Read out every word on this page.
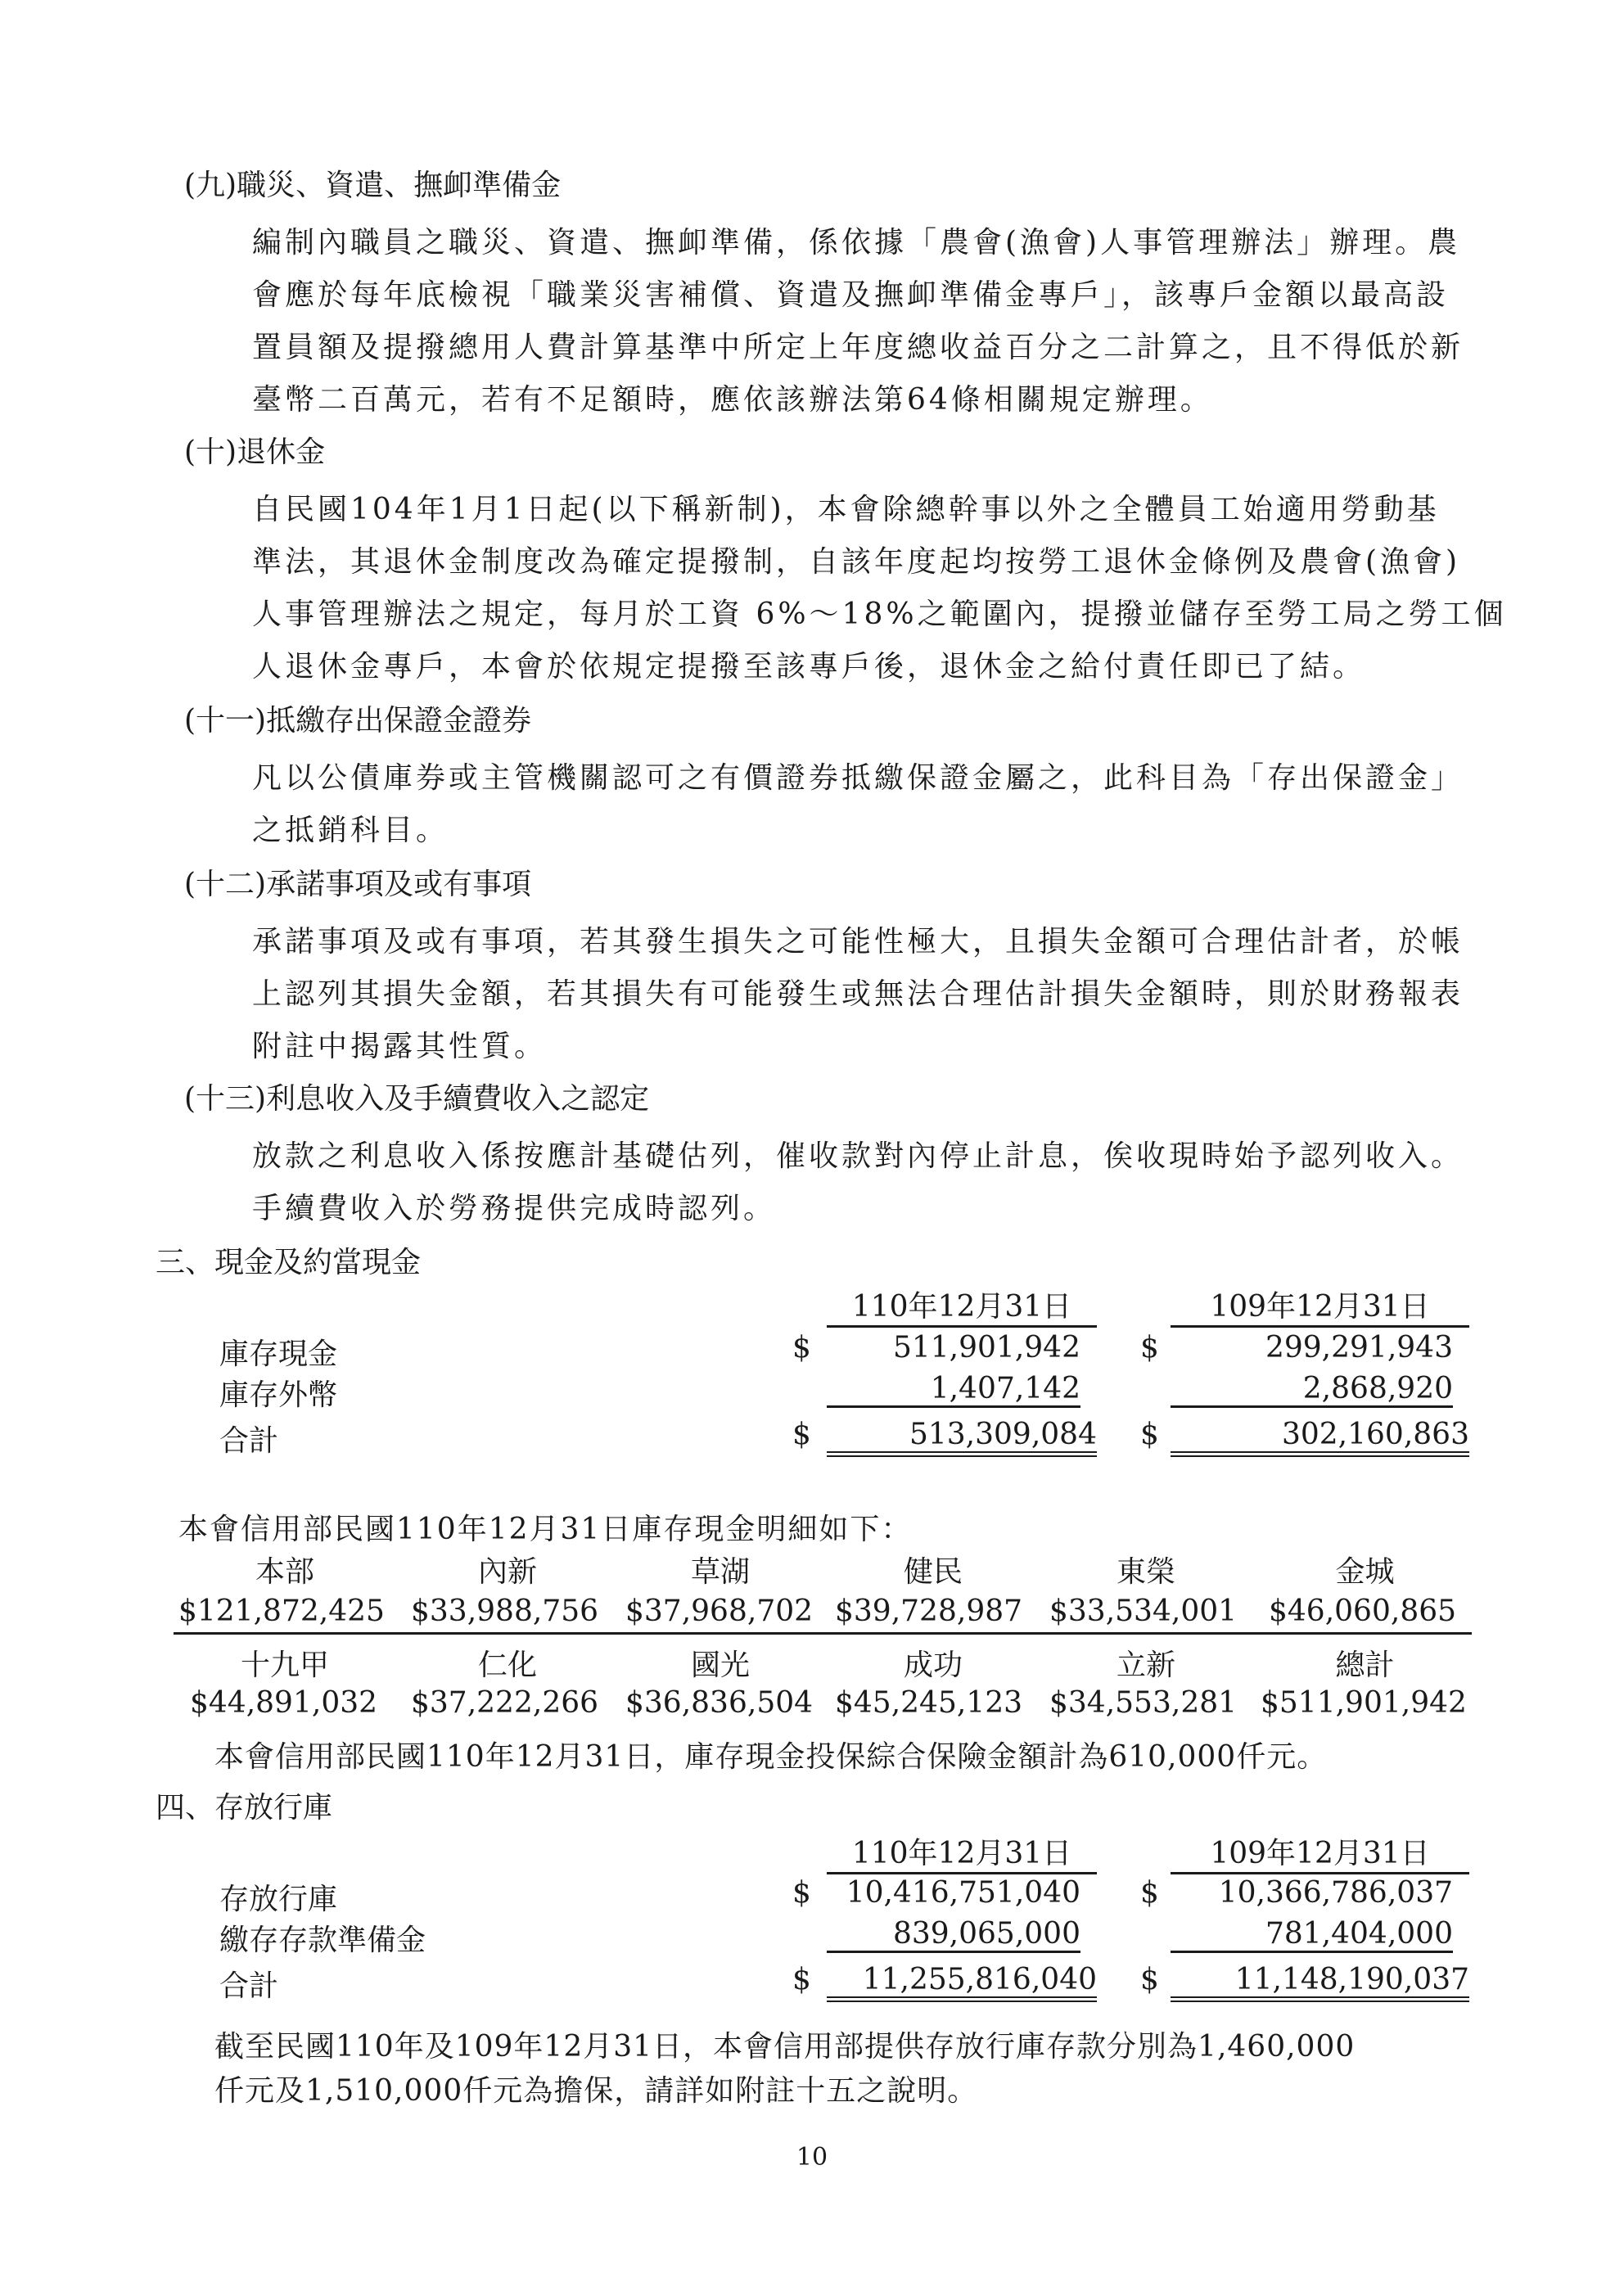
(九)職災、資遣、撫卹準備金
編制內職員之職災、資遣、撫卹準備，係依據「農會(漁會)人事管理辦法」辦理。農
會應於每年底檢視「職業災害補償、資遣及撫卹準備金專戶」，該專戶金額以最高設
置員額及提撥總用人費計算基準中所定上年度總收益百分之二計算之，且不得低於新
臺幣二百萬元，若有不足額時，應依該辦法第64條相關規定辦理。
(十)退休金
自民國104年1月1日起(以下稱新制)，本會除總幹事以外之全體員工始適用勞動基
準法，其退休金制度改為確定提撥制，自該年度起均按勞工退休金條例及農會(漁會)
人事管理辦法之規定，每月於工資 6%～18%之範圍內，提撥並儲存至勞工局之勞工個
人退休金專戶，本會於依規定提撥至該專戶後，退休金之給付責任即已了結。
(十一)抵繳存出保證金證券
凡以公債庫券或主管機關認可之有價證券抵繳保證金屬之，此科目為「存出保證金」
之抵銷科目。
(十二)承諾事項及或有事項
承諾事項及或有事項，若其發生損失之可能性極大，且損失金額可合理估計者，於帳
上認列其損失金額，若其損失有可能發生或無法合理估計損失金額時，則於財務報表
附註中揭露其性質。
(十三)利息收入及手續費收入之認定
放款之利息收入係按應計基礎估列，催收款對內停止計息，俟收現時始予認列收入。
手續費收入於勞務提供完成時認列。
三、現金及約當現金
110年12月31日	109年12月31日
庫存現金	$	511,901,942 $	299,291,943
庫存外幣	1,407,142	2,868,920
合計	$	513,309,084 $	302,160,863
本會信用部民國110年12月31日庫存現金明細如下：
本部	內新	草湖	健民	東榮	金城
$121,872,425 $33,988,756 $37,968,702 $39,728,987 $33,534,001 $46,060,865
十九甲	仁化	國光	成功	立新	總計
$44,891,032 $37,222,266 $36,836,504 $45,245,123 $34,553,281 $511,901,942
本會信用部民國110年12月31日，庫存現金投保綜合保險金額計為610,000仟元。
四、存放行庫
110年12月31日	109年12月31日
存放行庫	$	10,416,751,040 $	10,366,786,037
繳存存款準備金	839,065,000	781,404,000
合計	$	11,255,816,040 $	11,148,190,037
截至民國110年及109年12月31日，本會信用部提供存放行庫存款分別為1,460,000
仟元及1,510,000仟元為擔保，請詳如附註十五之說明。
10
